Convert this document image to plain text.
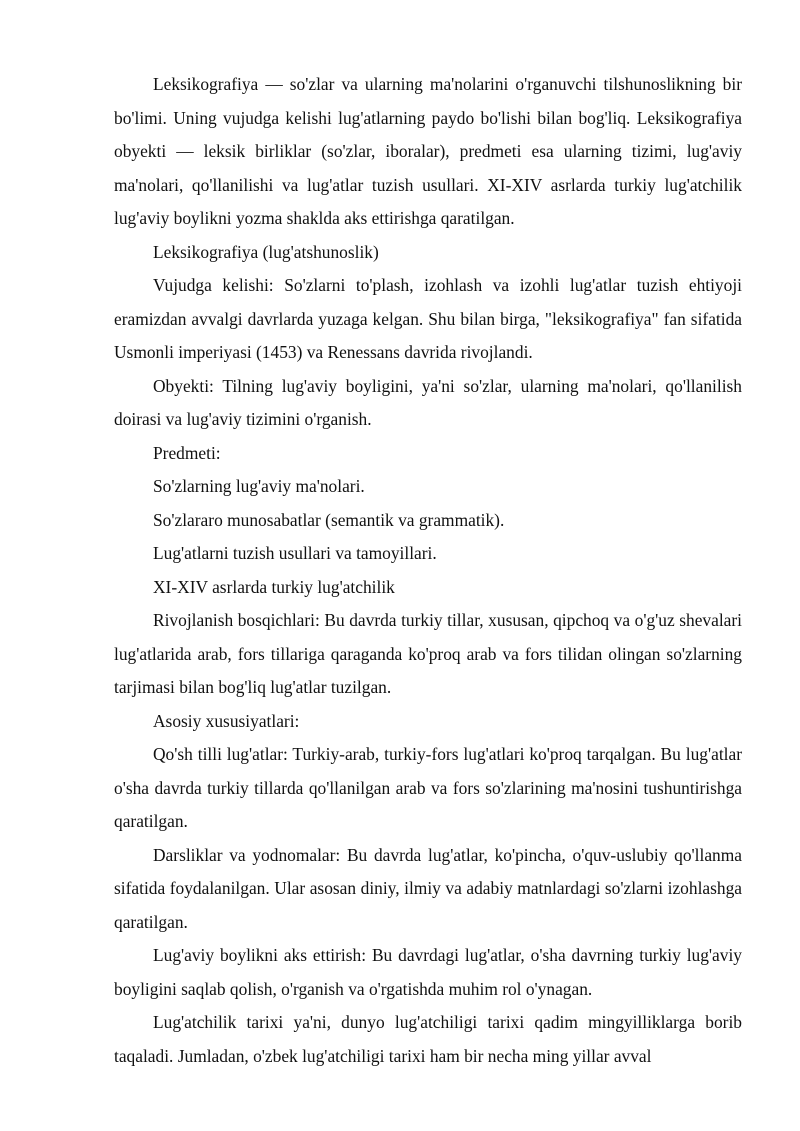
Leksikografiya — so'zlar va ularning ma'nolarini o'rganuvchi tilshunoslikning bir bo'limi. Uning vujudga kelishi lug'atlarning paydo bo'lishi bilan bog'liq. Leksikografiya obyekti — leksik birliklar (so'zlar, iboralar), predmeti esa ularning tizimi, lug'aviy ma'nolari, qo'llanilishi va lug'atlar tuzish usullari. XI-XIV asrlarda turkiy lug'atchilik lug'aviy boylikni yozma shaklda aks ettirishga qaratilgan.

Leksikografiya (lug'atshunoslik)

Vujudga kelishi: So'zlarni to'plash, izohlash va izohli lug'atlar tuzish ehtiyoji eramizdan avvalgi davrlarda yuzaga kelgan. Shu bilan birga, "leksikografiya" fan sifatida Usmonli imperiyasi (1453) va Renessans davrida rivojlandi.

Obyekti: Tilning lug'aviy boyligini, ya'ni so'zlar, ularning ma'nolari, qo'llanilish doirasi va lug'aviy tizimini o'rganish.

Predmeti:

So'zlarning lug'aviy ma'nolari.

So'zlararo munosabatlar (semantik va grammatik).

Lug'atlarni tuzish usullari va tamoyillari.

XI-XIV asrlarda turkiy lug'atchilik

Rivojlanish bosqichlari: Bu davrda turkiy tillar, xususan, qipchoq va o'g'uz shevalari lug'atlarida arab, fors tillariga qaraganda ko'proq arab va fors tilidan olingan so'zlarning tarjimasi bilan bog'liq lug'atlar tuzilgan.

Asosiy xususiyatlari:

Qo'sh tilli lug'atlar: Turkiy-arab, turkiy-fors lug'atlari ko'proq tarqalgan. Bu lug'atlar o'sha davrda turkiy tillarda qo'llanilgan arab va fors so'zlarining ma'nosini tushuntirishga qaratilgan.

Darsliklar va yodnomalar: Bu davrda lug'atlar, ko'pincha, o'quv-uslubiy qo'llanma sifatida foydalanilgan. Ular asosan diniy, ilmiy va adabiy matnlardagi so'zlarni izohlashga qaratilgan.

Lug'aviy boylikni aks ettirish: Bu davrdagi lug'atlar, o'sha davrning turkiy lug'aviy boyligini saqlab qolish, o'rganish va o'rgatishda muhim rol o'ynagan.

Lug'atchilik tarixi ya'ni, dunyo lug'atchiligi tarixi qadim mingyilliklarga borib taqaladi. Jumladan, o'zbek lug'atchiligi tarixi ham bir necha ming yillar avval
